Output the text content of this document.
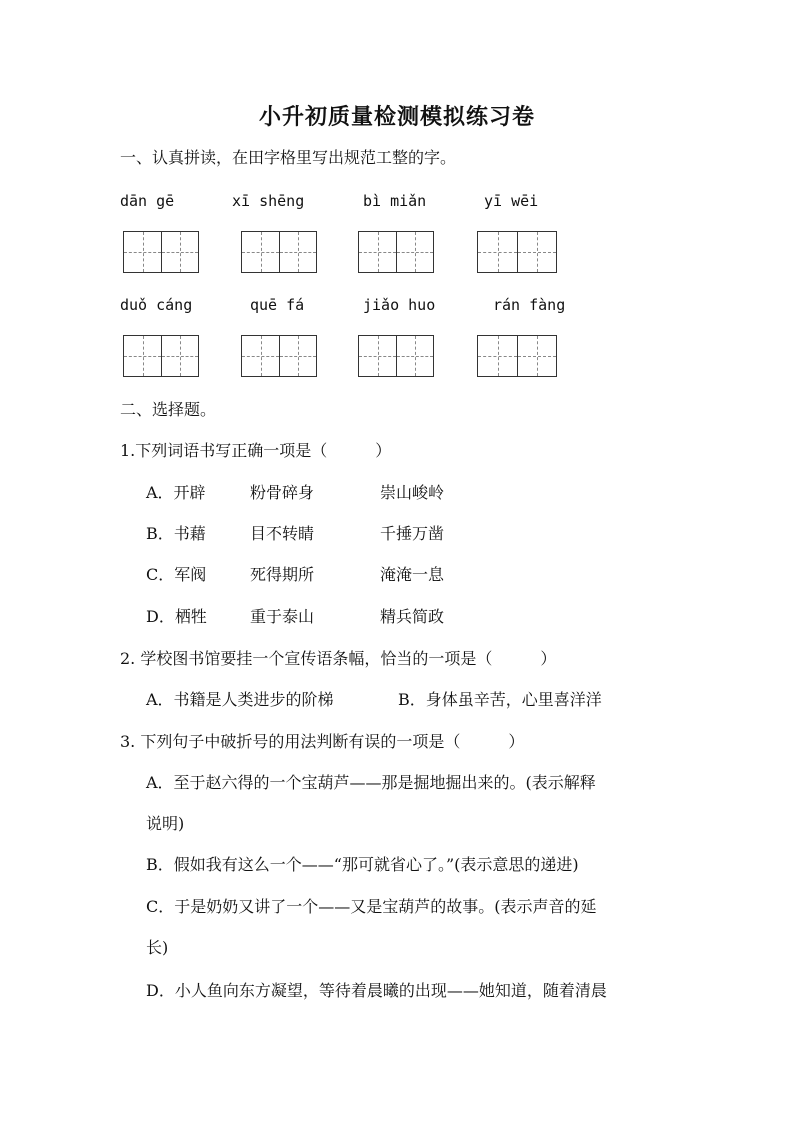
小升初质量检测模拟练习卷
一、认真拼读，在田字格里写出规范工整的字。
dān gē	xī shēng	bì miǎn	yī wēi
duǒ cáng	quē fá	jiǎo huo	rán fàng
二、选择题。
1.下列词语书写正确一项是（　　　）
A．开辟	粉骨碎身	崇山峻岭
B．书藉	目不转睛	千捶万凿
C．军阀	死得期所	淹淹一息
D．栖牲	重于泰山	精兵简政
2. 学校图书馆要挂一个宣传语条幅，恰当的一项是（　　　）
A．书籍是人类进步的阶梯	B．身体虽辛苦，心里喜洋洋
3. 下列句子中破折号的用法判断有误的一项是（　　　）
A．至于赵六得的一个宝葫芦——那是掘地掘出来的。(表示解释
说明)
B．假如我有这么一个——“那可就省心了。”(表示意思的递进)
C．于是奶奶又讲了一个——又是宝葫芦的故事。(表示声音的延
长)
D．小人鱼向东方凝望，等待着晨曦的出现——她知道，随着清晨
